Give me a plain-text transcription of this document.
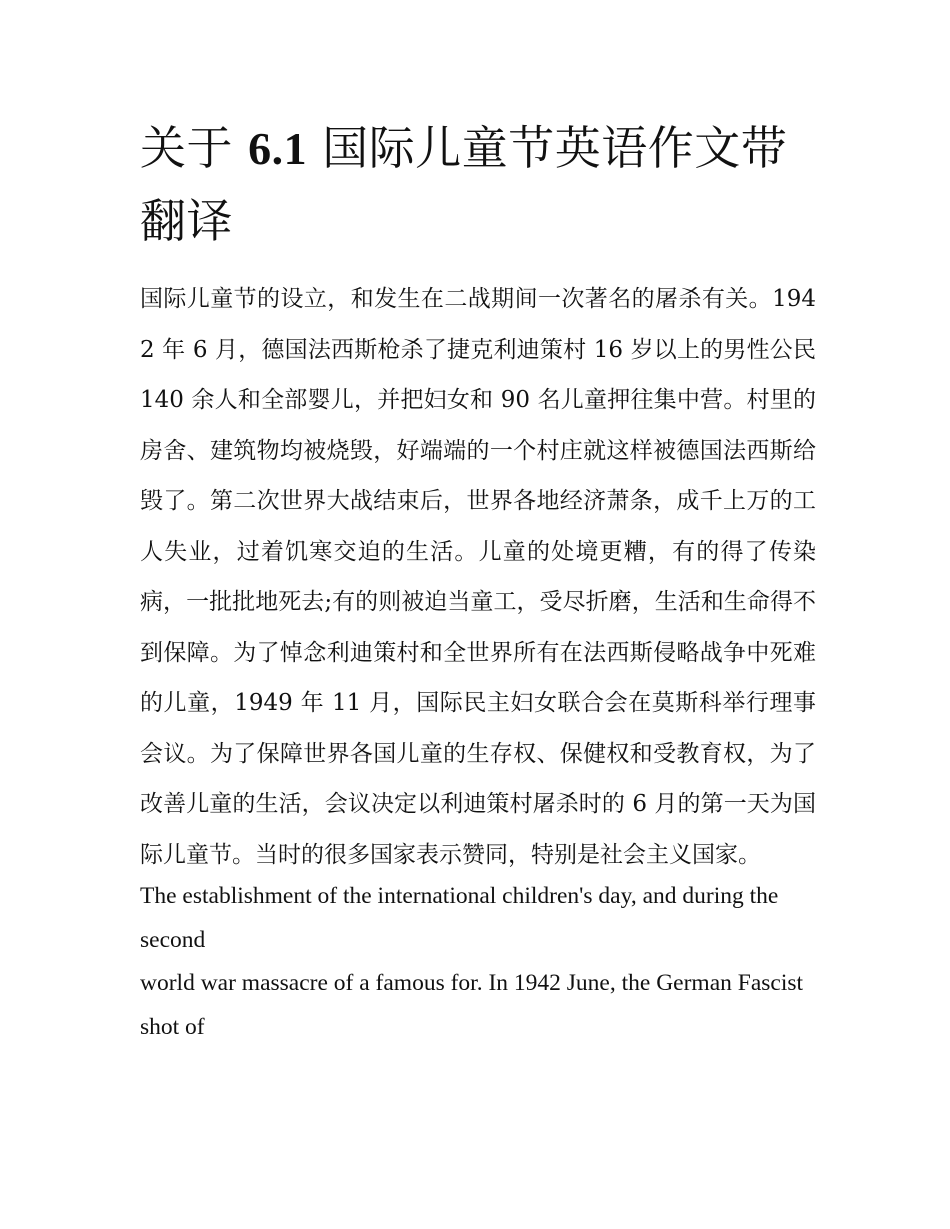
关于 6.1 国际儿童节英语作文带翻译

国际儿童节的设立，和发生在二战期间一次著名的屠杀有关。1942 年 6 月，德国法西斯枪杀了捷克利迪策村 16 岁以上的男性公民 140 余人和全部婴儿，并把妇女和 90 名儿童押往集中营。村里的房舍、建筑物均被烧毁，好端端的一个村庄就这样被德国法西斯给毁了。第二次世界大战结束后，世界各地经济萧条，成千上万的工人失业，过着饥寒交迫的生活。儿童的处境更糟，有的得了传染病，一批批地死去;有的则被迫当童工，受尽折磨，生活和生命得不到保障。为了悼念利迪策村和全世界所有在法西斯侵略战争中死难的儿童，1949 年 11 月，国际民主妇女联合会在莫斯科举行理事会议。为了保障世界各国儿童的生存权、保健权和受教育权，为了改善儿童的生活，会议决定以利迪策村屠杀时的 6 月的第一天为国际儿童节。当时的很多国家表示赞同，特别是社会主义国家。

The establishment of the international children's day, and during the second

world war massacre of a famous for. In 1942 June, the German Fascist shot of
